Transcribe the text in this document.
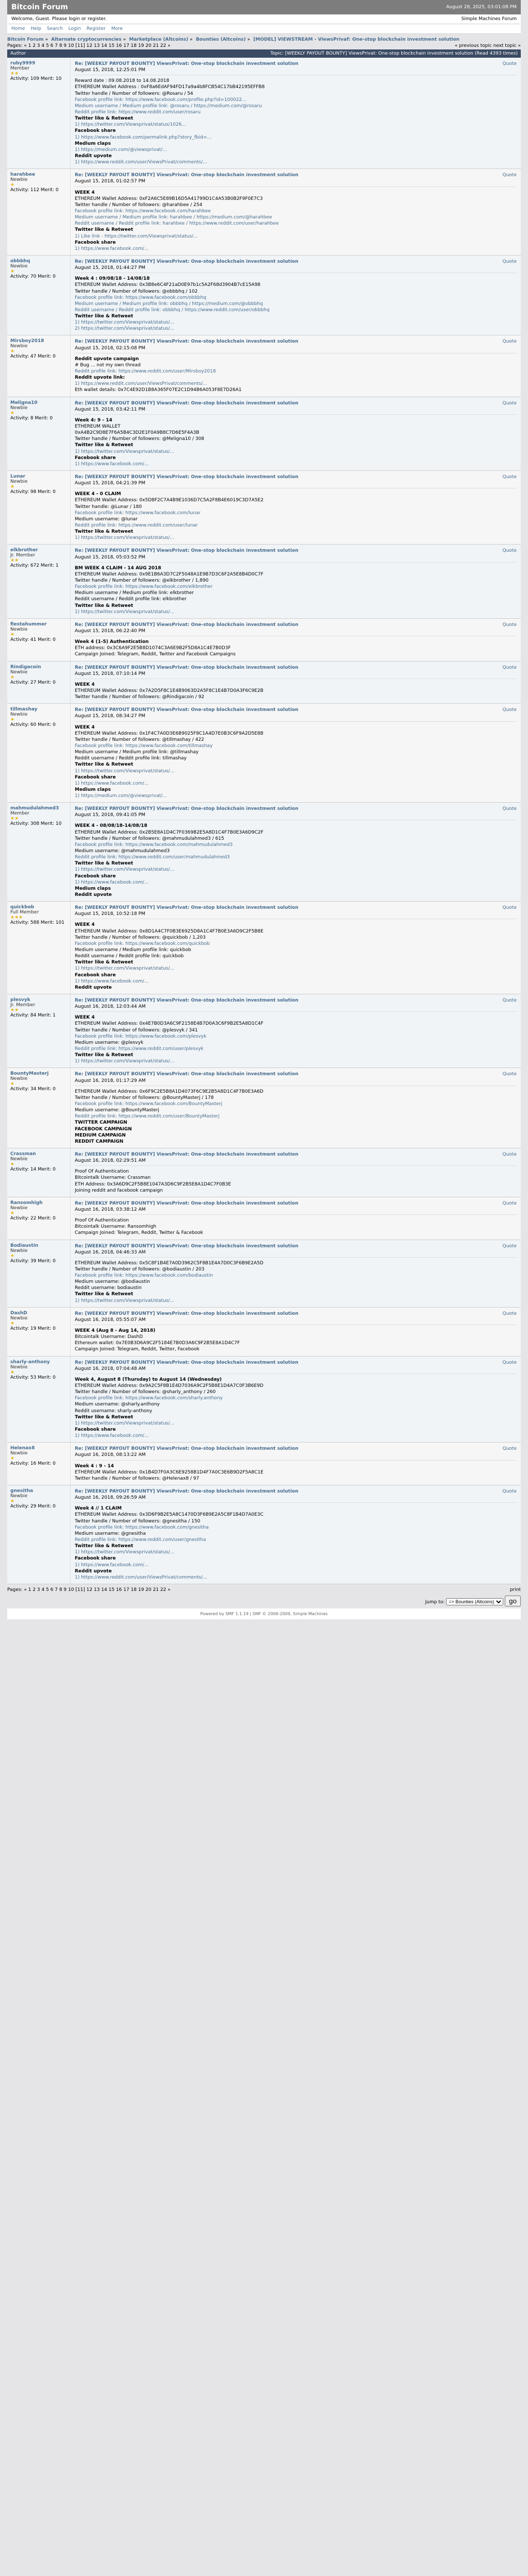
Bitcoin Forum	August 28, 2025, 03:01:08 PM
Welcome, Guest. Please login or register.	Simple Machines Forum
Home Help Search Login Register More
Bitcoin Forum » Alternate cryptocurrencies » Marketplace (Altcoins) » Bounties (Altcoins) » [MODEL] VIEWSTREAM - ViewsPrivaf: One-stop blockchain investment solution
Pages: « 1 2 3 4 5 6 7 8 9 10 [11] 12 13 14 15 16 17 18 19 20 21 22 »	« previous topic next topic »
Author	Topic: [WEEKLY PAYOUT BOUNTY] ViewsPrivat: One-stop blockchain investment solution (Read 4393 times)
ruby9999
Member
★★
Activity: 109 Merit: 10
Re: [WEEKLY PAYOUT BOUNTY] ViewsPrivat: One-stop blockchain investment solution
August 15, 2018, 12:25:01 PM
Quote
Reward date : 09.08.2018 to 14.08.2018
ETHEREUM Wallet Address : 0xF8a6EdAF94FD17a9a4b8FCB54C17bB42195EFFB8
Twitter handle / Number of followers: @Rosaru / 54
Facebook profile link: https://www.facebook.com/profile.php?id=100022...
Medium username / Medium profile link: @rosaru / https://medium.com/@rosaru
Reddit profile link: https://www.reddit.com/user/rosaru
Twitter like & Retweet
1) https://twitter.com/Viewsprivat/status/1026...
Facebook share
1) https://www.facebook.com/permalink.php?story_fbid=...
Medium claps
1) https://medium.com/@viewsprivat/...
Reddit upvote
1) https://www.reddit.com/user/ViewsPrivat/comments/...
harahbee
Newbie
★
Activity: 112 Merit: 0
Re: [WEEKLY PAYOUT BOUNTY] ViewsPrivat: One-stop blockchain investment solution
August 15, 2018, 01:02:57 PM
Quote
WEEK 4
ETHEREUM Wallet Address: 0xF2A6C5E89B16D5A41799D1C4A53B0B2F9F0E7C3
Twitter handle / Number of followers: @harahbee / 254
Facebook profile link: https://www.facebook.com/harahbee
Medium username / Medium profile link: harahbee / https://medium.com/@harahbee
Reddit username / Reddit profile link: harahbee / https://www.reddit.com/user/harahbee
Twitter like & Retweet
1) Like link - https://twitter.com/Viewsprivat/status/...
Facebook share
1) https://www.facebook.com/...
obbbhq
Newbie
★
Activity: 70 Merit: 0
Re: [WEEKLY PAYOUT BOUNTY] ViewsPrivat: One-stop blockchain investment solution
August 15, 2018, 01:44:27 PM
Quote
Week 4 : 09/08/18 - 14/08/18
ETHEREUM Wallet Address: 0x3B8e6C4F21aD0E97b1c5A2F68d3904B7cE15A98
Twitter handle / Number of followers: @obbbhq / 102
Facebook profile link: https://www.facebook.com/obbbhq
Medium username / Medium profile link: obbbhq / https://medium.com/@obbbhq
Reddit username / Reddit profile link: obbbhq / https://www.reddit.com/user/obbbhq
Twitter like & Retweet
1) https://twitter.com/Viewsprivat/status/...
2) https://twitter.com/Viewsprivat/status/...
Mirsboy2018
Newbie
★
Activity: 47 Merit: 0
Re: [WEEKLY PAYOUT BOUNTY] ViewsPrivat: One-stop blockchain investment solution
August 15, 2018, 02:15:08 PM
Quote
Reddit upvote campaign
# Bug ... not my own thread
Reddit profile link: https://www.reddit.com/user/Mirsboy2018
Reddit upvote link:
1) https://www.reddit.com/user/ViewsPrivat/comments/...
Eth wallet details: 0x7C4E92D1B8A365F07E2C1D94B6A053F8E7D26A1
Meligna10
Newbie
★
Activity: 8 Merit: 0
Re: [WEEKLY PAYOUT BOUNTY] ViewsPrivat: One-stop blockchain investment solution
August 15, 2018, 03:42:11 PM
Quote
Week 4: 9 - 14
ETHEREUM WALLET
0xA4B2C9D8E7F6A5B4C3D2E1F0A9B8C7D6E5F4A3B
Twitter handle / Number of followers: @Meligna10 / 308
Twitter like & Retweet
1) https://twitter.com/Viewsprivat/status/...
Facebook share
1) https://www.facebook.com/...
Lunar
Newbie
★
Activity: 98 Merit: 0
Re: [WEEKLY PAYOUT BOUNTY] ViewsPrivat: One-stop blockchain investment solution
August 15, 2018, 04:21:39 PM
Quote
WEEK 4 - 0 CLAIM
ETHEREUM Wallet Address: 0x5D8F2C7A4B9E1036D7C5A2F8B4E6019C3D7A5E2
Twitter handle: @Lunar / 180
Facebook profile link: https://www.facebook.com/lunar
Medium username: @lunar
Reddit profile link: https://www.reddit.com/user/lunar
Twitter like & Retweet
1) https://twitter.com/Viewsprivat/status/...
elkbrother
Jr. Member
★★
Activity: 672 Merit: 1
Re: [WEEKLY PAYOUT BOUNTY] ViewsPrivat: One-stop blockchain investment solution
August 15, 2018, 05:03:52 PM
Quote
BM WEEK 4 CLAIM - 14 AUG 2018
ETHEREUM Wallet Address: 0x9E1B6A3D7C2F5048A1E9B7D3C6F2A5E8B4D0C7F
Twitter handle / Number of followers: @elkbrother / 1,890
Facebook profile link: https://www.facebook.com/elkbrother
Medium username / Medium profile link: elkbrother
Reddit username / Reddit profile link: elkbrother
Twitter like & Retweet
1) https://twitter.com/Viewsprivat/status/...
fiestahummer
Newbie
★
Activity: 41 Merit: 0
Re: [WEEKLY PAYOUT BOUNTY] ViewsPrivat: One-stop blockchain investment solution
August 15, 2018, 06:22:40 PM
Quote
Week 4 (1-5) Authentication
ETH address: 0x3C6A9F2E5B8D1074C3A6E9B2F5D8A1C4E7B0D3F
Campaign Joined: Telegram, Reddit, Twitter and Facebook Campaigns
Rindigacoin
Newbie
★
Activity: 27 Merit: 0
Re: [WEEKLY PAYOUT BOUNTY] ViewsPrivat: One-stop blockchain investment solution
August 15, 2018, 07:10:14 PM
Quote
WEEK 4
ETHEREUM Wallet Address: 0x7A2D5F8C1E4B9063D2A5F8C1E4B7D0A3F6C9E2B
Twitter handle / Number of followers: @Rindigacoin / 92
tillmashay
Newbie
★
Activity: 60 Merit: 0
Re: [WEEKLY PAYOUT BOUNTY] ViewsPrivat: One-stop blockchain investment solution
August 15, 2018, 08:34:27 PM
Quote
WEEK 4
ETHEREUM Wallet Address: 0x1F4C7A0D3E6B9025F8C1A4D7E0B3C6F9A2D5E8B
Twitter handle / Number of followers: @tillmashay / 422
Facebook profile link: https://www.facebook.com/tillmashay
Medium username / Medium profile link: @tillmashay
Reddit username / Reddit profile link: tillmashay
Twitter like & Retweet
1) https://twitter.com/Viewsprivat/status/...
Facebook share
1) https://www.facebook.com/...
Medium claps
1) https://medium.com/@viewsprivat/...
mahmudulahmed3
Member
★★
Activity: 308 Merit: 10
Re: [WEEKLY PAYOUT BOUNTY] ViewsPrivat: One-stop blockchain investment solution
August 15, 2018, 09:41:05 PM
Quote
WEEK 4 - 08/08/18-14/08/18
ETHEREUM Wallet Address: 0x2B5E8A1D4C7F0369B2E5A8D1C4F7B0E3A6D9C2F
Twitter handle / Number of followers: @mahmudulahmed3 / 615
Facebook profile link: https://www.facebook.com/mahmudulahmed3
Medium username: @mahmudulahmed3
Reddit profile link: https://www.reddit.com/user/mahmudulahmed3
Twitter like & Retweet
1) https://twitter.com/Viewsprivat/status/...
Facebook share
1) https://www.facebook.com/...
Medium claps
Reddit upvote
quickbob
Full Member
★★★
Activity: 588 Merit: 101
Re: [WEEKLY PAYOUT BOUNTY] ViewsPrivat: One-stop blockchain investment solution
August 15, 2018, 10:52:18 PM
Quote
WEEK 4
ETHEREUM Wallet Address: 0x8D1A4C7F0B3E6925D8A1C4F7B0E3A6D9C2F5B8E
Twitter handle / Number of followers: @quickbob / 1,203
Facebook profile link: https://www.facebook.com/quickbob
Medium username / Medium profile link: quickbob
Reddit username / Reddit profile link: quickbob
Twitter like & Retweet
1) https://twitter.com/Viewsprivat/status/...
Facebook share
1) https://www.facebook.com/...
Reddit upvote
plesvyk
Jr. Member
★★
Activity: 84 Merit: 1
Re: [WEEKLY PAYOUT BOUNTY] ViewsPrivat: One-stop blockchain investment solution
August 16, 2018, 12:03:44 AM
Quote
WEEK 4
ETHEREUM Wallet Address: 0x4E7B0D3A6C9F2158E4B7D0A3C6F9B2E5A8D1C4F
Twitter handle / Number of followers: @plesvyk / 341
Facebook profile link: https://www.facebook.com/plesvyk
Medium username: @plesvyk
Reddit profile link: https://www.reddit.com/user/plesvyk
Twitter like & Retweet
1) https://twitter.com/Viewsprivat/status/...
BountyMasterj
Newbie
★
Activity: 34 Merit: 0
Re: [WEEKLY PAYOUT BOUNTY] ViewsPrivat: One-stop blockchain investment solution
August 16, 2018, 01:17:29 AM
Quote
ETHEREUM Wallet Address: 0x6F9C2E5B8A1D4073F6C9E2B5A8D1C4F7B0E3A6D
Twitter handle / Number of followers: @BountyMasterj / 178
Facebook profile link: https://www.facebook.com/BountyMasterj
Medium username: @BountyMasterj
Reddit profile link: https://www.reddit.com/user/BountyMasterj
TWITTER CAMPAIGN
FACEBOOK CAMPAIGN
MEDIUM CAMPAIGN
REDDIT CAMPAIGN
Crassman
Newbie
★
Activity: 14 Merit: 0
Re: [WEEKLY PAYOUT BOUNTY] ViewsPrivat: One-stop blockchain investment solution
August 16, 2018, 02:29:51 AM
Quote
Proof Of Authentication
Bitcointalk Username: Crassman
ETH Address: 0x3A6D9C2F5B8E1047A3D6C9F2B5E8A1D4C7F0B3E
Joining reddit and facebook campaign
Ransomhigh
Newbie
★
Activity: 22 Merit: 0
Re: [WEEKLY PAYOUT BOUNTY] ViewsPrivat: One-stop blockchain investment solution
August 16, 2018, 03:38:12 AM
Quote
Proof Of Authentication
Bitcointalk Username: Ransomhigh
Campaign Joined: Telegram, Reddit, Twitter & Facebook
Bodiaustin
Newbie
★
Activity: 39 Merit: 0
Re: [WEEKLY PAYOUT BOUNTY] ViewsPrivat: One-stop blockchain investment solution
August 16, 2018, 04:46:33 AM
Quote
ETHEREUM Wallet Address: 0x5C8F1B4E7A0D3962C5F8B1E4A7D0C3F6B9E2A5D
Twitter handle / Number of followers: @bodiaustin / 203
Facebook profile link: https://www.facebook.com/bodiaustin
Medium username: @bodiaustin
Reddit username: bodiaustin
Twitter like & Retweet
1) https://twitter.com/Viewsprivat/status/...
DashD
Newbie
★
Activity: 19 Merit: 0
Re: [WEEKLY PAYOUT BOUNTY] ViewsPrivat: One-stop blockchain investment solution
August 16, 2018, 05:55:07 AM
Quote
WEEK 4 (Aug 8 - Aug 14, 2018)
Bitcointalk Username: DashD
Ethereum wallet: 0x7E0B3D6A9C2F5184E7B0D3A6C9F2B5E8A1D4C7F
Campaign Joined: Telegram, Reddit, Twitter, Facebook
sharly-anthony
Newbie
★
Activity: 53 Merit: 0
Re: [WEEKLY PAYOUT BOUNTY] ViewsPrivat: One-stop blockchain investment solution
August 16, 2018, 07:04:48 AM
Quote
Week 4, August 8 (Thursday) to August 14 (Wednesday)
ETHEREUM Wallet Address: 0x9A2C5F8B1E4D7036A9C2F5B8E1D4A7C0F3B6E9D
Twitter handle / Number of followers: @sharly_anthony / 260
Facebook profile link: https://www.facebook.com/sharly.anthony
Medium username: @sharly.anthony
Reddit username: sharly-anthony
Twitter like & Retweet
1) https://twitter.com/Viewsprivat/status/...
Facebook share
1) https://www.facebook.com/...
Helenax8
Newbie
★
Activity: 16 Merit: 0
Re: [WEEKLY PAYOUT BOUNTY] ViewsPrivat: One-stop blockchain investment solution
August 16, 2018, 08:13:22 AM
Quote
Week 4 : 9 - 14
ETHEREUM Wallet Address: 0x1B4D7F0A3C6E9258B1D4F7A0C3E6B9D2F5A8C1E
Twitter handle / Number of followers: @Helenax8 / 97
gnesitha
Newbie
★
Activity: 29 Merit: 0
Re: [WEEKLY PAYOUT BOUNTY] ViewsPrivat: One-stop blockchain investment solution
August 16, 2018, 09:26:59 AM
Quote
Week 4 // 1 CLAIM
ETHEREUM Wallet Address: 0x3D6F9B2E5A8C1470D3F6B9E2A5C8F1B4D7A0E3C
Twitter handle / Number of followers: @gnesitha / 150
Facebook profile link: https://www.facebook.com/gnesitha
Medium username: @gnesitha
Reddit profile link: https://www.reddit.com/user/gnesitha
Twitter like & Retweet
1) https://twitter.com/Viewsprivat/status/...
Facebook share
1) https://www.facebook.com/...
Reddit upvote
1) https://www.reddit.com/user/ViewsPrivat/comments/...
Pages: « 1 2 3 4 5 6 7 8 9 10 [11] 12 13 14 15 16 17 18 19 20 21 22 »	print
Jump to:
=> Bounties (Altcoins)	go
Powered by SMF 1.1.19 | SMF © 2006-2009, Simple Machines
